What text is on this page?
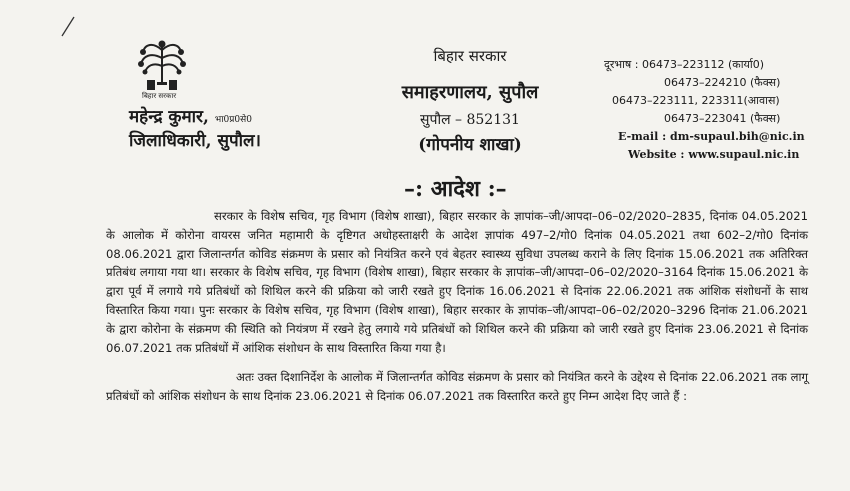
बिहार सरकार
महेन्द्र कुमार, भा0प्र0से0
जिलाधिकारी, सुपौल।
बिहार सरकार
समाहरणालय, सुपौल
सुपौल – 852131
(गोपनीय शाखा)
दूरभाष : 06473–223112 (कार्या0)
06473–224210 (फैक्स)
06473–223111, 223311(आवास)
06473–223041 (फैक्स)
E-mail : dm-supaul.bih@nic.in
Website : www.supaul.nic.in
–: आदेश :–

सरकार के विशेष सचिव, गृह विभाग (विशेष शाखा), बिहार सरकार के ज्ञापांक–जी/आपदा–06–02/2020–2835, दिनांक 04.05.2021 के आलोक में कोरोना वायरस जनित महामारी के दृष्टिगत अधोहस्ताक्षरी के आदेश ज्ञापांक 497–2/गो0 दिनांक 04.05.2021 तथा 602–2/गो0 दिनांक 08.06.2021 द्वारा जिलान्तर्गत कोविड संक्रमण के प्रसार को नियंत्रित करने एवं बेहतर स्वास्थ्य सुविधा उपलब्ध कराने के लिए दिनांक 15.06.2021 तक अतिरिक्त प्रतिबंध लगाया गया था। सरकार के विशेष सचिव, गृह विभाग (विशेष शाखा), बिहार सरकार के ज्ञापांक–जी/आपदा–06–02/2020–3164 दिनांक 15.06.2021 के द्वारा पूर्व में लगाये गये प्रतिबंधों को शिथिल करने की प्रक्रिया को जारी रखते हुए दिनांक 16.06.2021 से दिनांक 22.06.2021 तक आंशिक संशोधनों के साथ विस्तारित किया गया। पुनः सरकार के विशेष सचिव, गृह विभाग (विशेष शाखा), बिहार सरकार के ज्ञापांक–जी/आपदा–06–02/2020–3296 दिनांक 21.06.2021 के द्वारा कोरोना के संक्रमण की स्थिति को नियंत्रण में रखने हेतु लगाये गये प्रतिबंधों को शिथिल करने की प्रक्रिया को जारी रखते हुए दिनांक 23.06.2021 से दिनांक 06.07.2021 तक प्रतिबंधों में आंशिक संशोधन के साथ विस्तारित किया गया है।

अतः उक्त दिशानिर्देश के आलोक में जिलान्तर्गत कोविड संक्रमण के प्रसार को नियंत्रित करने के उद्देश्य से दिनांक 22.06.2021 तक लागू प्रतिबंधों को आंशिक संशोधन के साथ दिनांक 23.06.2021 से दिनांक 06.07.2021 तक विस्तारित करते हुए निम्न आदेश दिए जाते हैं :
